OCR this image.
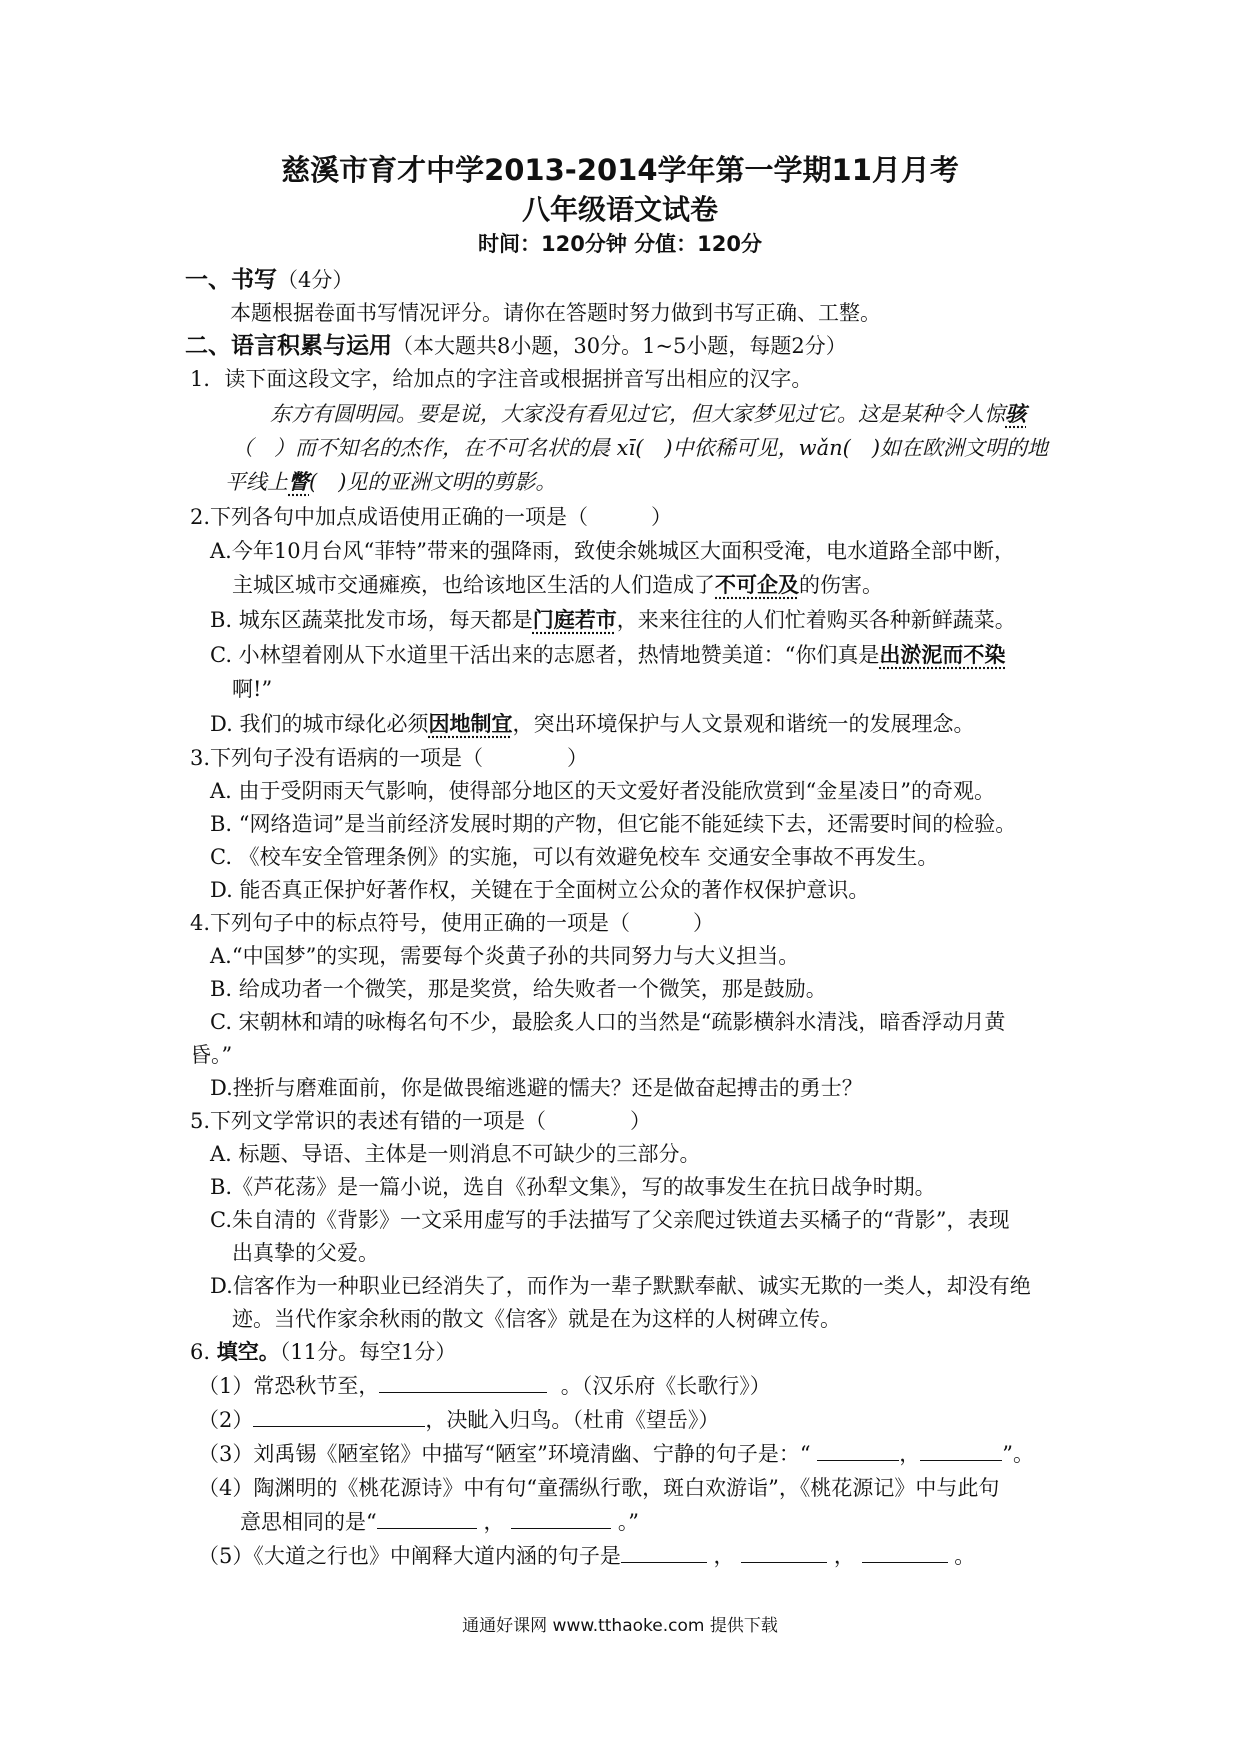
慈溪市育才中学2013-2014学年第一学期11月月考
八年级语文试卷
时间：120分钟 分值：120分
一、书写（4分）
本题根据卷面书写情况评分。请你在答题时努力做到书写正确、工整。
二、语言积累与运用（本大题共8小题，30分。1~5小题，每题2分）
1．读下面这段文字，给加点的字注音或根据拼音写出相应的汉字。
东方有圆明园。要是说，大家没有看见过它，但大家梦见过它。这是某种令人惊骇
（　）而不知名的杰作，在不可名状的晨 xī(　)中依稀可见，wǎn(　)如在欧洲文明的地
平线上瞥(　)见的亚洲文明的剪影。
2.下列各句中加点成语使用正确的一项是（　　　）
A.今年10月台风“菲特”带来的强降雨，致使余姚城区大面积受淹，电水道路全部中断，
主城区城市交通瘫痪，也给该地区生活的人们造成了不可企及的伤害。
B. 城东区蔬菜批发市场，每天都是门庭若市，来来往往的人们忙着购买各种新鲜蔬菜。
C. 小林望着刚从下水道里干活出来的志愿者，热情地赞美道：“你们真是出淤泥而不染
啊!”
D. 我们的城市绿化必须因地制宜，突出环境保护与人文景观和谐统一的发展理念。
3.下列句子没有语病的一项是（　　　　）
A. 由于受阴雨天气影响，使得部分地区的天文爱好者没能欣赏到“金星凌日”的奇观。
B. “网络造词”是当前经济发展时期的产物，但它能不能延续下去，还需要时间的检验。
C. 《校车安全管理条例》的实施，可以有效避免校车 交通安全事故不再发生。
D. 能否真正保护好著作权，关键在于全面树立公众的著作权保护意识。
4.下列句子中的标点符号，使用正确的一项是（　　　）
A.“中国梦”的实现，需要每个炎黄子孙的共同努力与大义担当。
B. 给成功者一个微笑，那是奖赏，给失败者一个微笑，那是鼓励。
C. 宋朝林和靖的咏梅名句不少，最脍炙人口的当然是“疏影横斜水清浅，暗香浮动月黄
昏。”
D.挫折与磨难面前，你是做畏缩逃避的懦夫？还是做奋起搏击的勇士？
5.下列文学常识的表述有错的一项是（　　　　）
A. 标题、导语、主体是一则消息不可缺少的三部分。
B.《芦花荡》是一篇小说，选自《孙犁文集》，写的故事发生在抗日战争时期。
C.朱自清的《背影》一文采用虚写的手法描写了父亲爬过铁道去买橘子的“背影”，表现
出真挚的父爱。
D.信客作为一种职业已经消失了，而作为一辈子默默奉献、诚实无欺的一类人，却没有绝
迹。当代作家余秋雨的散文《信客》就是在为这样的人树碑立传。
6. 填空。（11分。每空1分）
（1）常恐秋节至，	。（汉乐府《长歌行》）
（2）	，决眦入归鸟。（杜甫《望岳》）
（3）刘禹锡《陋室铭》中描写“陋室”环境清幽、宁静的句子是：“	，	”。
（4）陶渊明的《桃花源诗》中有句“童孺纵行歌，斑白欢游诣”，《桃花源记》中与此句
意思相同的是“	，	。”
（5）《大道之行也》中阐释大道内涵的句子是	，	，	。
通通好课网 www.tthaoke.com 提供下载
